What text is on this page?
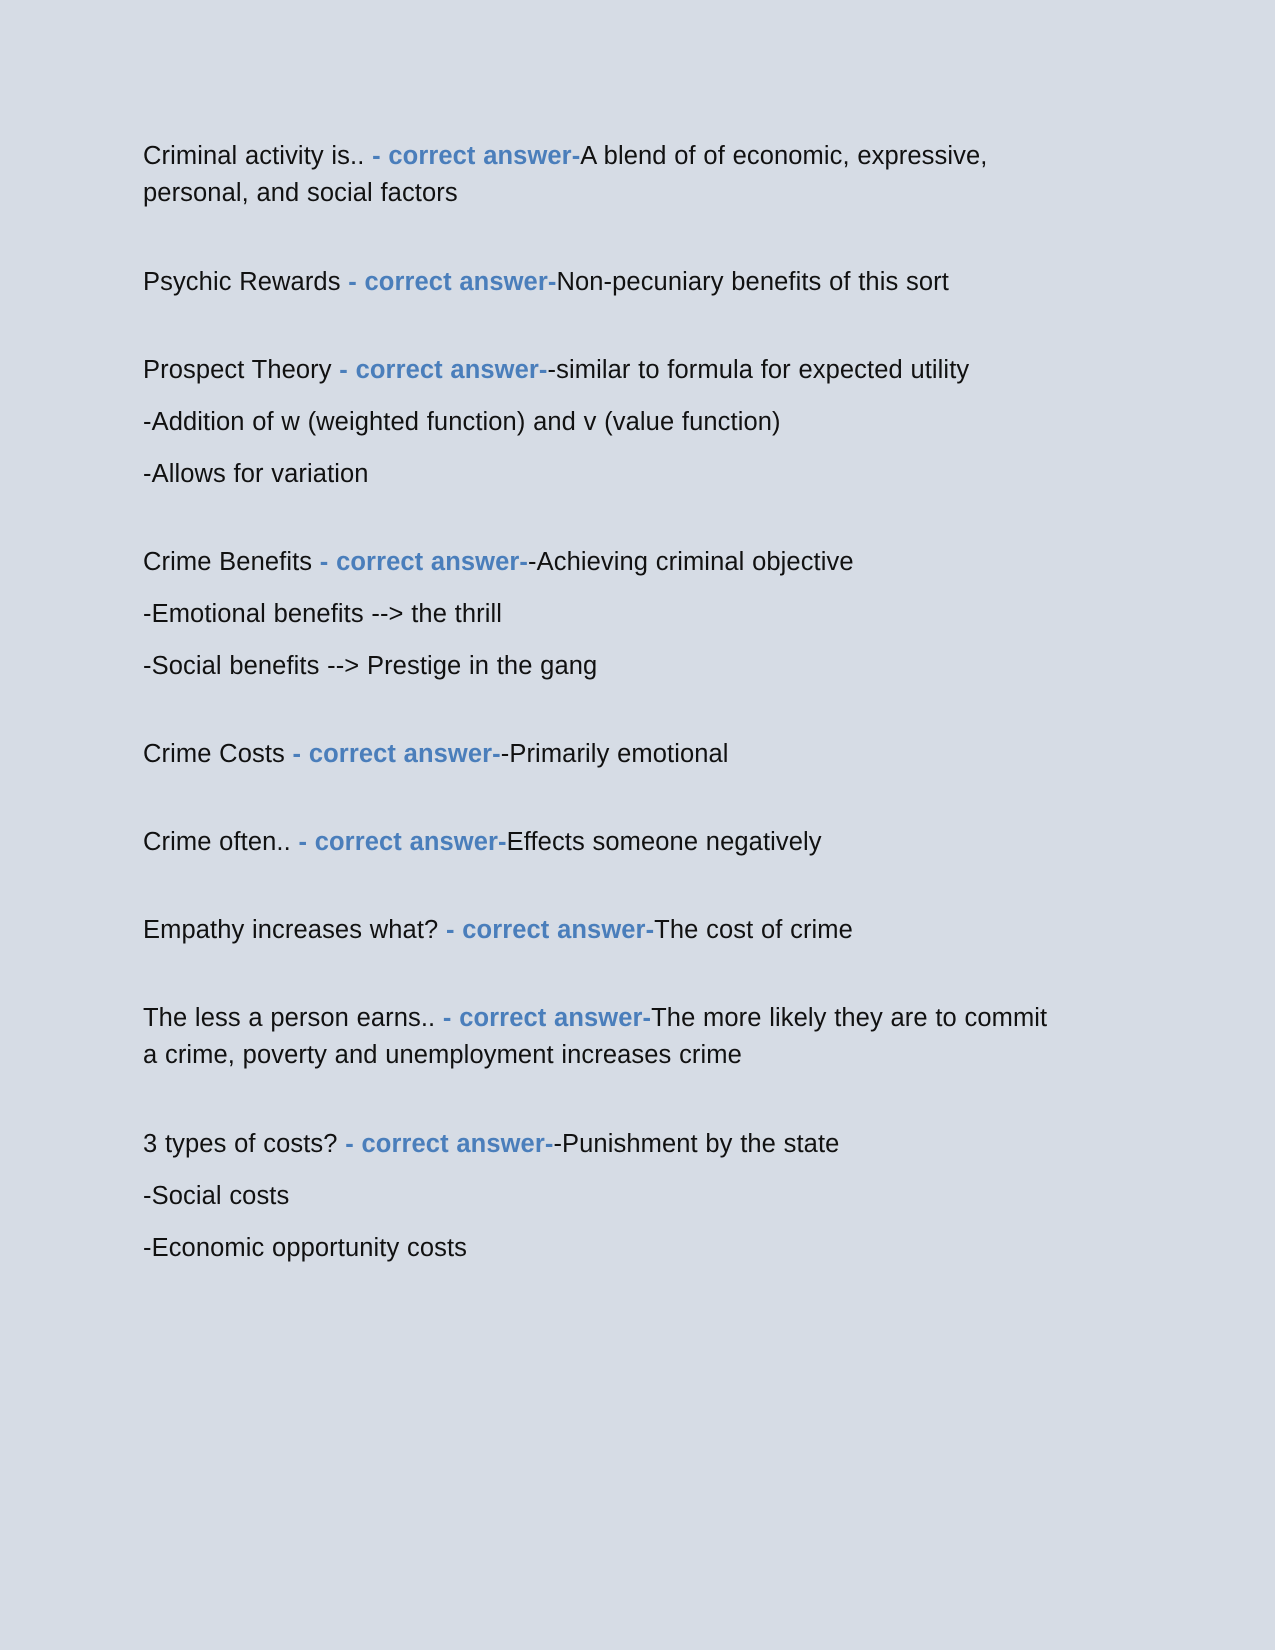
Criminal activity is.. - correct answer-A blend of of economic, expressive, personal, and social factors

Psychic Rewards - correct answer-Non-pecuniary benefits of this sort

Prospect Theory - correct answer--similar to formula for expected utility

-Addition of w (weighted function) and v (value function)

-Allows for variation

Crime Benefits - correct answer--Achieving criminal objective

-Emotional benefits --> the thrill

-Social benefits --> Prestige in the gang

Crime Costs - correct answer--Primarily emotional

Crime often.. - correct answer-Effects someone negatively

Empathy increases what? - correct answer-The cost of crime

The less a person earns.. - correct answer-The more likely they are to commit a crime, poverty and unemployment increases crime

3 types of costs? - correct answer--Punishment by the state

-Social costs

-Economic opportunity costs
